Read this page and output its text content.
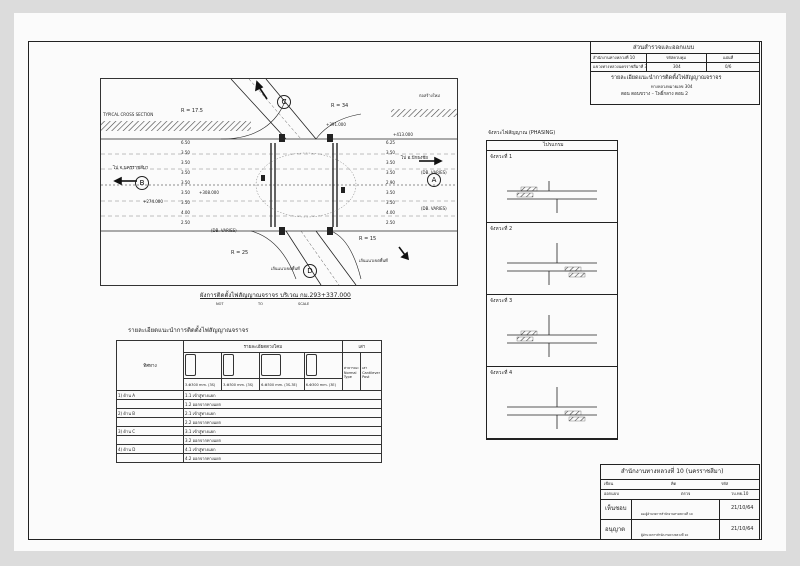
ส่วนสำรวจและออกแบบ
สำนักงานทางหลวงที่ 10	รหัสควบคุม	แผ่นที่
แขวงทางหลวงนครราชสีมาที่ 3	304	0/6
รายละเอียดแนะนำการติดตั้งไฟสัญญาณจราจร
ทางหลวงหมายเลข 304
ตอน ดอนขวาง – โพธิ์กลาง ตอน 2
TYPICAL CROSS SECTION
R = 17.5
R = 34
R = 25
R = 15
ก่อสร้างใหม่
+391.000
+413.000
+274.000
+308.000
ไป อ.ปักธงชัย
ไป จ.นครราชสีมา
เส้นแนวเขตพื้นที่
เส้นแนวเขตพื้นที่
(DB. VARIES)
(DB. VARIES)
(DB. VARIES)
6.25
3.50
3.50
3.50
2.90
3.50
3.50
4.00
2.50
6.50
3.50
3.50
3.50
3.50
3.50
3.50
4.00
2.50
A
B
C
D
ผังการติดตั้งไฟสัญญาณจราจร บริเวณ กม.293+337.000
NOT	TO	SCALE
จังหวะไฟสัญญาณ (PHASING)
ไปรแกรม
จังหวะที่ 1
จังหวะที่ 2
จังหวะที่ 3
จังหวะที่ 4
รายละเอียดแนะนำการติดตั้งไฟสัญญาณจราจร
ทิศทาง	รายละเอียดดวงโคม				เสา	
					สาธารณะ Normal Type	เสา Cantilever Post
	3-Φ300 mm. (3S)	3-Φ300 mm. (3S)	6-Φ300 mm. (3S-3E)	6-Φ300 mm. (3E)		
1) ด้าน A	1.1 เข้าสู่ทางแยก					
	1.2 ออกจากทางแยก					
2) ด้าน B	2.1 เข้าสู่ทางแยก					
	2.2 ออกจากทางแยก					
3) ด้าน C	3.1 เข้าสู่ทางแยก					
	3.2 ออกจากทางแยก					
4) ด้าน D	4.1 เข้าสู่ทางแยก					
	4.2 ออกจากทางแยก					
สำนักงานทางหลวงที่ 10 (นครราชสีมา)
เขียน	คิด	รหัส
ออกแบบ	ตรวจ	วบ.ทย.10
เห็นชอบ
ผอ.ผู้อำนวยการสำนักงานทางหลวงที่ 10
21/10/64
อนุญาต
ผู้อำนวยการสำนักงานทางหลวงที่ 10
21/10/64
